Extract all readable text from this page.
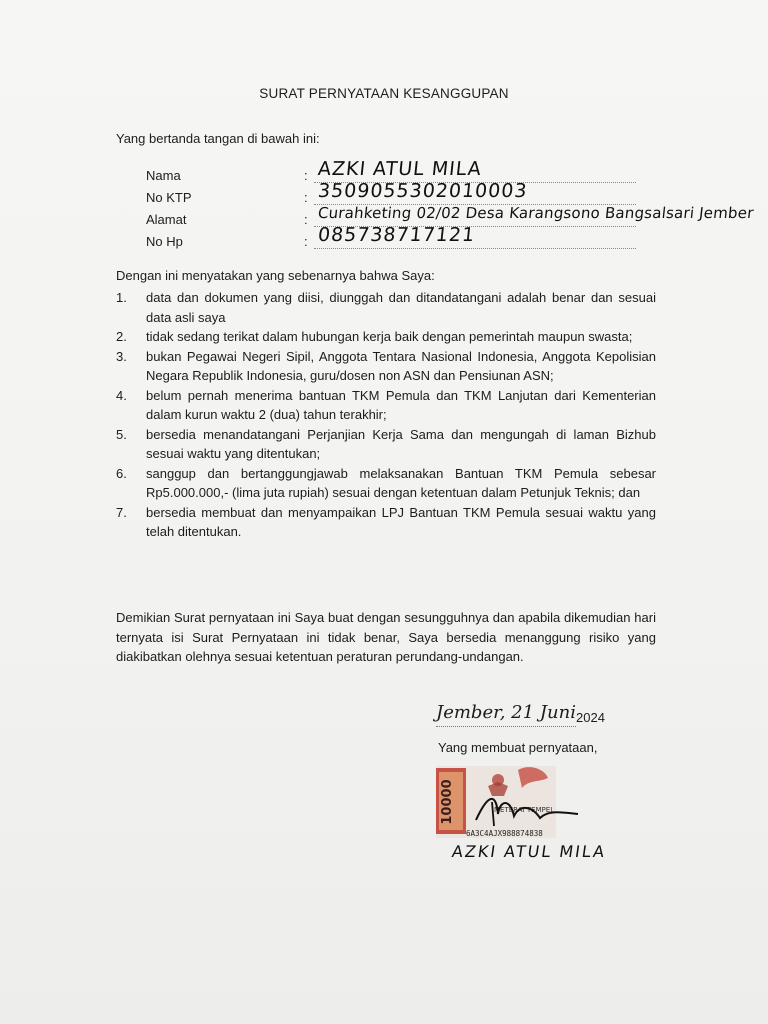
SURAT PERNYATAAN KESANGGUPAN
Yang bertanda tangan di bawah ini:
Nama	: AZKI ATUL MILA
No KTP	: 3509055302010003
Alamat	: Curahketing 02/02 Desa Karangsono Bangsalsari Jember
No Hp	: 085738717121
Dengan ini menyatakan yang sebenarnya bahwa Saya:
1.	data dan dokumen yang diisi, diunggah dan ditandatangani adalah benar dan sesuai data asli saya
2.	tidak sedang terikat dalam hubungan kerja baik dengan pemerintah maupun swasta;
3.	bukan Pegawai Negeri Sipil, Anggota Tentara Nasional Indonesia, Anggota Kepolisian Negara Republik Indonesia, guru/dosen non ASN dan Pensiunan ASN;
4.	belum pernah menerima bantuan TKM Pemula dan TKM Lanjutan dari Kementerian dalam kurun waktu 2 (dua) tahun terakhir;
5.	bersedia menandatangani Perjanjian Kerja Sama dan mengungah di laman Bizhub sesuai waktu yang ditentukan;
6.	sanggup dan bertanggungjawab melaksanakan Bantuan TKM Pemula sebesar Rp5.000.000,- (lima juta rupiah) sesuai dengan ketentuan dalam Petunjuk Teknis; dan
7.	bersedia membuat dan menyampaikan LPJ Bantuan TKM Pemula sesuai waktu yang telah ditentukan.
Demikian Surat pernyataan ini Saya buat dengan sesungguhnya dan apabila dikemudian hari ternyata isi Surat Pernyataan ini tidak benar, Saya bersedia menanggung risiko yang diakibatkan olehnya sesuai ketentuan peraturan perundang-undangan.
Jember, 21 Juni 2024
Yang membuat pernyataan,
10000	METERAI TEMPEL
6A3C4AJX988874838
AZKI ATUL MILA
